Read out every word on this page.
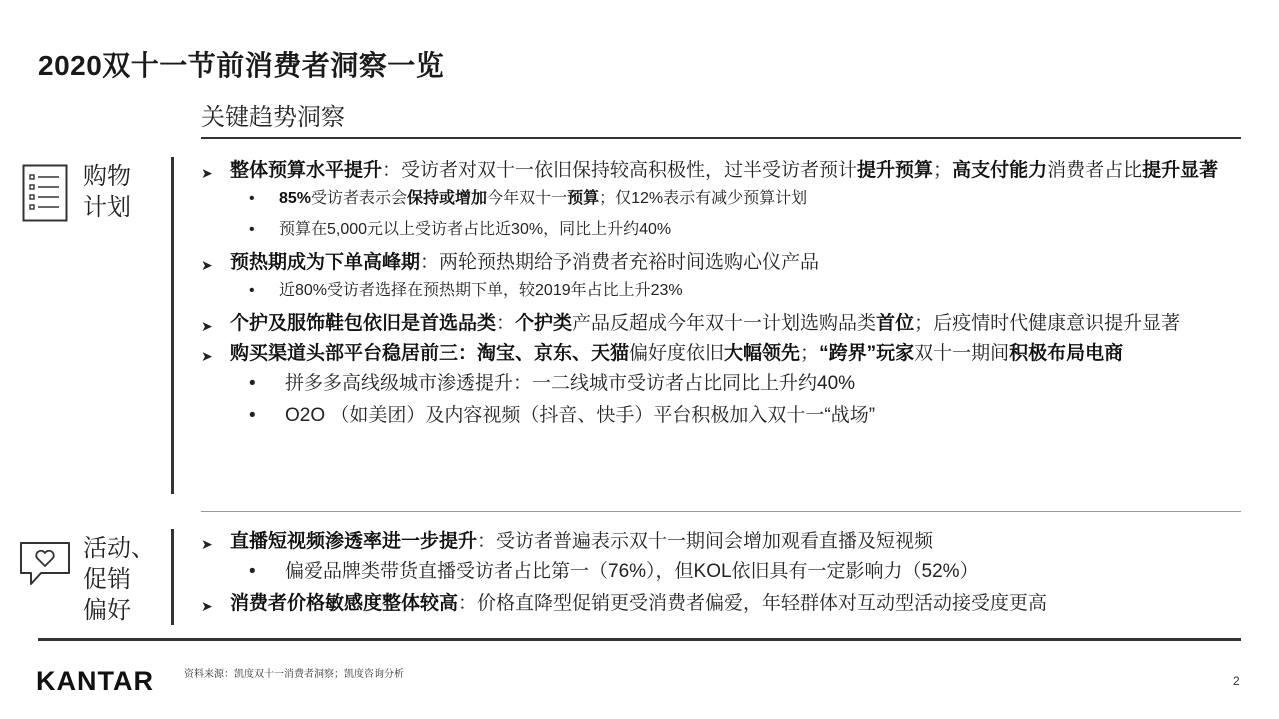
2020双十一节前消费者洞察一览
关键趋势洞察
购物
计划
➤ 整体预算水平提升：受访者对双十一依旧保持较高积极性，过半受访者预计提升预算；高支付能力消费者占比提升显著
• 85%受访者表示会保持或增加今年双十一预算；仅12%表示有减少预算计划
• 预算在5,000元以上受访者占比近30%，同比上升约40%
➤ 预热期成为下单高峰期：两轮预热期给予消费者充裕时间选购心仪产品
• 近80%受访者选择在预热期下单，较2019年占比上升23%
➤ 个护及服饰鞋包依旧是首选品类：个护类产品反超成今年双十一计划选购品类首位；后疫情时代健康意识提升显著
➤ 购买渠道头部平台稳居前三：淘宝、京东、天猫偏好度依旧大幅领先；“跨界”玩家双十一期间积极布局电商
• 拼多多高线级城市渗透提升：一二线城市受访者占比同比上升约40%
• O2O （如美团）及内容视频（抖音、快手）平台积极加入双十一“战场”
活动、
促销
偏好
➤ 直播短视频渗透率进一步提升：受访者普遍表示双十一期间会增加观看直播及短视频
• 偏爱品牌类带货直播受访者占比第一（76%），但KOL依旧具有一定影响力（52%）
➤ 消费者价格敏感度整体较高：价格直降型促销更受消费者偏爱，年轻群体对互动型活动接受度更高
KANTAR	资料来源：凯度双十一消费者洞察；凯度咨询分析	2
